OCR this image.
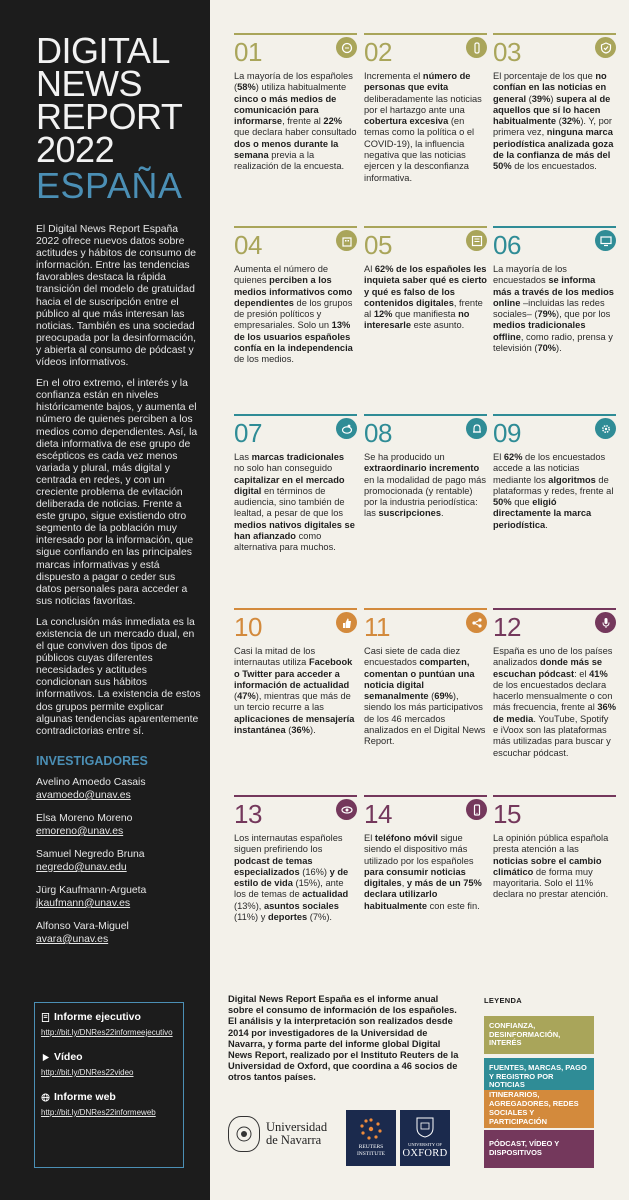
DIGITAL
NEWS
REPORT
2022
ESPAÑA

El Digital News Report España 2022 ofrece nuevos datos sobre actitudes y hábitos de consumo de información. Entre las tendencias favorables destaca la rápida transición del modelo de gratuidad hacia el de suscripción entre el público al que más interesan las noticias. También es una sociedad preocupada por la desinformación, y abierta al consumo de pódcast y vídeos informativos.

En el otro extremo, el interés y la confianza están en niveles históricamente bajos, y aumenta el número de quienes perciben a los medios como dependientes. Así, la dieta informativa de ese grupo de escépticos es cada vez menos variada y plural, más digital y centrada en redes, y con un creciente problema de evitación deliberada de noticias. Frente a este grupo, sigue existiendo otro segmento de la población muy interesado por la información, que sigue confiando en las principales marcas informativas y está dispuesto a pagar o ceder sus datos personales para acceder a sus noticias favoritas.

La conclusión más inmediata es la existencia de un mercado dual, en el que conviven dos tipos de públicos cuyas diferentes necesidades y actitudes condicionan sus hábitos informativos. La existencia de estos dos grupos permite explicar algunas tendencias aparentemente contradictorias entre sí.

INVESTIGADORES
Avelino Amoedo Casais
avamoedo@unav.es
Elsa Moreno Moreno
emoreno@unav.es
Samuel Negredo Bruna
negredo@unav.edu
Jürg Kaufmann-Argueta
jkaufmann@unav.es
Alfonso Vara-Miguel
avara@unav.es
Informe ejecutivo
http://bit.ly/DNRes22informeejecutivo
Vídeo
http://bit.ly/DNRes22video
Informe web
http://bit.ly/DNRes22informeweb
01
La mayoría de los españoles (58%) utiliza habitualmente cinco o más medios de comunicación para informarse, frente al 22% que declara haber consultado dos o menos durante la semana previa a la realización de la encuesta.
02
Incrementa el número de personas que evita deliberadamente las noticias por el hartazgo ante una cobertura excesiva (en temas como la política o el COVID-19), la influencia negativa que las noticias ejercen y la desconfianza informativa.
03
El porcentaje de los que no confían en las noticias en general (39%) supera al de aquellos que sí lo hacen habitualmente (32%). Y, por primera vez, ninguna marca periodística analizada goza de la confianza de más del 50% de los encuestados.
04
Aumenta el número de quienes perciben a los medios informativos como dependientes de los grupos de presión políticos y empresariales. Solo un 13% de los usuarios españoles confía en la independencia de los medios.
05
Al 62% de los españoles les inquieta saber qué es cierto y qué es falso de los contenidos digitales, frente al 12% que manifiesta no interesarle este asunto.
06
La mayoría de los encuestados se informa más a través de los medios online –incluidas las redes sociales– (79%), que por los medios tradicionales offline, como radio, prensa y televisión (70%).
07
Las marcas tradicionales no solo han conseguido capitalizar en el mercado digital en términos de audiencia, sino también de lealtad, a pesar de que los medios nativos digitales se han afianzado como alternativa para muchos.
08
Se ha producido un extraordinario incremento en la modalidad de pago más promocionada (y rentable) por la industria periodística: las suscripciones.
09
El 62% de los encuestados accede a las noticias mediante los algoritmos de plataformas y redes, frente al 50% que eligió directamente la marca periodística.
10
Casi la mitad de los internautas utiliza Facebook o Twitter para acceder a información de actualidad (47%), mientras que más de un tercio recurre a las aplicaciones de mensajería instantánea (36%).
11
Casi siete de cada diez encuestados comparten, comentan o puntúan una noticia digital semanalmente (69%), siendo los más participativos de los 46 mercados analizados en el Digital News Report.
12
España es uno de los países analizados donde más se escuchan pódcast: el 41% de los encuestados declara hacerlo mensualmente o con más frecuencia, frente al 36% de media. YouTube, Spotify e iVoox son las plataformas más utilizadas para buscar y escuchar pódcast.
13
Los internautas españoles siguen prefiriendo los podcast de temas especializados (16%) y de estilo de vida (15%), ante los de temas de actualidad (13%), asuntos sociales (11%) y deportes (7%).
14
El teléfono móvil sigue siendo el dispositivo más utilizado por los españoles para consumir noticias digitales, y más de un 75% declara utilizarlo habitualmente con este fin.
15
La opinión pública española presta atención a las noticias sobre el cambio climático de forma muy mayoritaria. Solo el 11% declara no prestar atención.
Digital News Report España es el informe anual sobre el consumo de información de los españoles. El análisis y la interpretación son realizados desde 2014 por investigadores de la Universidad de Navarra, y forma parte del informe global Digital News Report, realizado por el Instituto Reuters de la Universidad de Oxford, que coordina a 46 socios de otros tantos países.
LEYENDA
CONFIANZA, DESINFORMACIÓN, INTERÉS
FUENTES, MARCAS, PAGO Y REGISTRO POR NOTICIAS
ITINERARIOS, AGREGADORES, REDES SOCIALES Y PARTICIPACIÓN
PÓDCAST, VÍDEO Y DISPOSITIVOS
Universidad de Navarra	REUTERS INSTITUTE
UNIVERSITY OF
OXFORD
